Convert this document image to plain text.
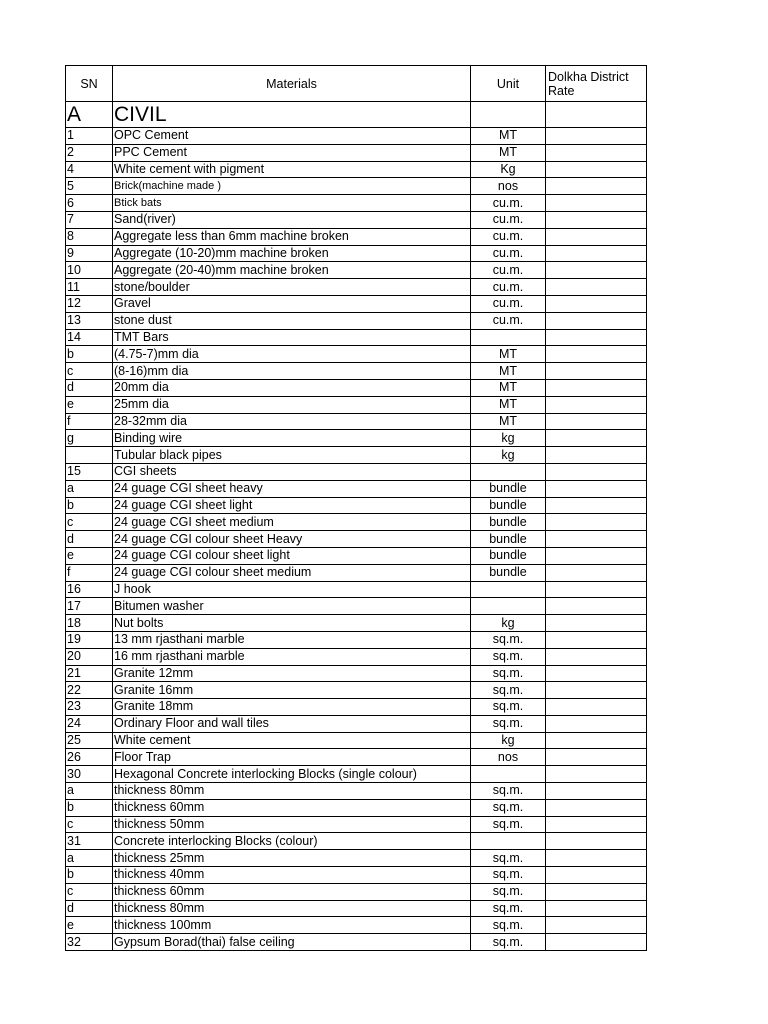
SN	Materials	Unit	Dolkha District Rate
A	CIVIL		
1	OPC Cement	MT	
2	PPC Cement	MT	
4	White cement with pigment	Kg	
5	Brick(machine made )	nos	
6	Btick bats	cu.m.	
7	Sand(river)	cu.m.	
8	Aggregate less than 6mm machine broken	cu.m.	
9	Aggregate (10-20)mm machine broken	cu.m.	
10	Aggregate (20-40)mm machine broken	cu.m.	
11	stone/boulder	cu.m.	
12	Gravel	cu.m.	
13	stone dust	cu.m.	
14	TMT Bars		
b	(4.75-7)mm dia	MT	
c	(8-16)mm dia	MT	
d	20mm dia	MT	
e	25mm dia	MT	
f	28-32mm dia	MT	
g	Binding wire	kg	
	Tubular black pipes	kg	
15	CGI sheets		
a	24 guage CGI sheet heavy	bundle	
b	24 guage CGI sheet light	bundle	
c	24 guage CGI sheet medium	bundle	
d	24 guage CGI colour sheet Heavy	bundle	
e	24 guage CGI colour sheet light	bundle	
f	24 guage CGI colour sheet medium	bundle	
16	J hook		
17	Bitumen washer		
18	Nut bolts	kg	
19	13 mm rjasthani marble	sq.m.	
20	16 mm rjasthani marble	sq.m.	
21	Granite 12mm	sq.m.	
22	Granite 16mm	sq.m.	
23	Granite 18mm	sq.m.	
24	Ordinary Floor and wall tiles	sq.m.	
25	White cement	kg	
26	Floor Trap	nos	
30	Hexagonal Concrete interlocking Blocks (single colour)		
a	thickness 80mm	sq.m.	
b	thickness 60mm	sq.m.	
c	thickness 50mm	sq.m.	
31	Concrete interlocking Blocks (colour)		
a	thickness 25mm	sq.m.	
b	thickness 40mm	sq.m.	
c	thickness 60mm	sq.m.	
d	thickness 80mm	sq.m.	
e	thickness 100mm	sq.m.	
32	Gypsum Borad(thai) false ceiling	sq.m.	
